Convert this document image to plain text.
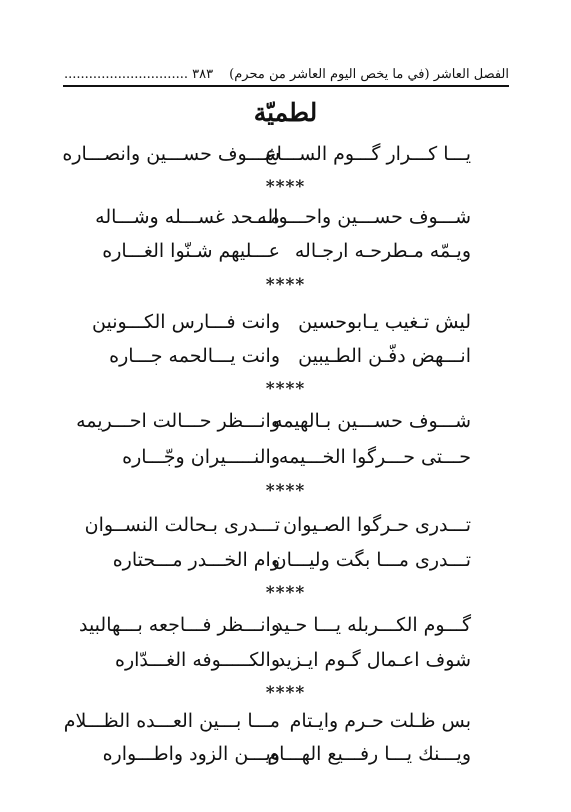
٣٨٣ ..............................	الفصل العاشر (في ما يخص اليوم العاشر من محرم)
لطميّة
يـــا كـــرار گـــوم الســـاع
شـــوف حســـين وانصـــاره
****
شـــوف حســـين واحـــواله
مـــحد غســـله وشـــاله
ويـمّه مـطرحـه ارجـاله
عـــليهم شـنّوا الغـــاره
****
ليش تـغيب يـابوحسين
وانت فـــارس الكـــونين
انـــهض دفّـن الطـيبين
وانت يـــالحمه جـــاره
****
شـــوف حســـين بـالهيمه
وانـــظر حـــالت احـــريمه
حـــتى حـــرگوا الخـــيمه
والنـــــيران وجّـــاره
****
تـــدری حـرگوا الصـيوان
تـــدری بـحالت النســوان
تـــدری مـــا بگت وليـــان
وام الخـــدر مـــحتاره
****
گـــوم الكـــربله يـــا حـيد
وانـــظر فـــاجعه بـــهالبيد
شوف اعـمال گـوم ايـزيد
والكـــــوفه الغـــدّاره
****
بس ظـلت حـرم وايـتام
مـــا بـــين العـــده الظـــلام
ويـــنك يـــا رفـــيع الهـــام
ويـــن الزود واطـــواره
